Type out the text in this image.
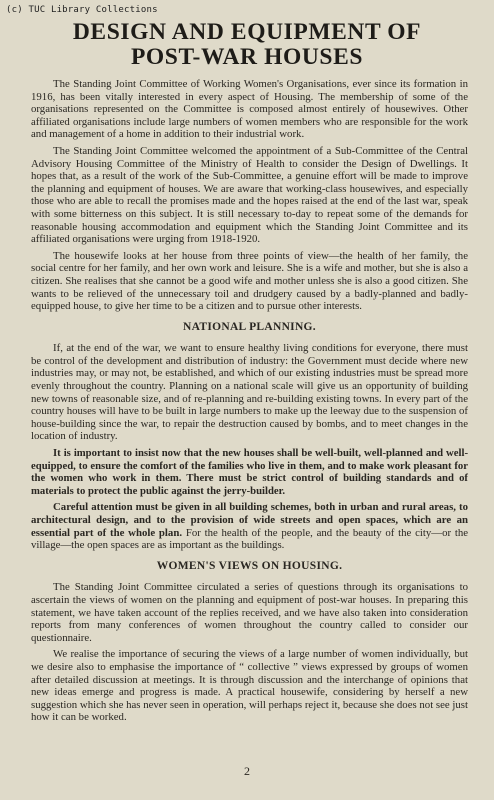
(c) TUC Library Collections
DESIGN AND EQUIPMENT OF
POST-WAR HOUSES

The Standing Joint Committee of Working Women's Organisations, ever since its formation in 1916, has been vitally interested in every aspect of Housing. The membership of some of the organisations represented on the Committee is composed almost entirely of housewives. Other affiliated organisations include large numbers of women members who are responsible for the work and management of a home in addition to their industrial work.

The Standing Joint Committee welcomed the appointment of a Sub-Committee of the Central Advisory Housing Committee of the Ministry of Health to consider the Design of Dwellings. It hopes that, as a result of the work of the Sub-Committee, a genuine effort will be made to improve the planning and equipment of houses. We are aware that working-class housewives, and especially those who are able to recall the promises made and the hopes raised at the end of the last war, speak with some bitterness on this subject. It is still necessary to-day to repeat some of the demands for reasonable housing accommodation and equipment which the Standing Joint Committee and its affiliated organisations were urging from 1918-1920.

The housewife looks at her house from three points of view—the health of her family, the social centre for her family, and her own work and leisure. She is a wife and mother, but she is also a citizen. She realises that she cannot be a good wife and mother unless she is also a good citizen. She wants to be relieved of the unnecessary toil and drudgery caused by a badly-planned and badly-equipped house, to give her time to be a citizen and to pursue other interests.

NATIONAL PLANNING.

If, at the end of the war, we want to ensure healthy living conditions for everyone, there must be control of the development and distribution of industry: the Government must decide where new industries may, or may not, be established, and which of our existing industries must be spread more evenly throughout the country. Planning on a national scale will give us an opportunity of building new towns of reasonable size, and of re-planning and re-building existing towns. In every part of the country houses will have to be built in large numbers to make up the leeway due to the suspension of house-building since the war, to repair the destruction caused by bombs, and to meet changes in the location of industry.

It is important to insist now that the new houses shall be well-built, well-planned and well-equipped, to ensure the comfort of the families who live in them, and to make work pleasant for the women who work in them. There must be strict control of building standards and of materials to protect the public against the jerry-builder.

Careful attention must be given in all building schemes, both in urban and rural areas, to architectural design, and to the provision of wide streets and open spaces, which are an essential part of the whole plan. For the health of the people, and the beauty of the city—or the village—the open spaces are as important as the buildings.

WOMEN'S VIEWS ON HOUSING.

The Standing Joint Committee circulated a series of questions through its organisations to ascertain the views of women on the planning and equipment of post-war houses. In preparing this statement, we have taken account of the replies received, and we have also taken into consideration reports from many conferences of women throughout the country called to consider our questionnaire.

We realise the importance of securing the views of a large number of women individually, but we desire also to emphasise the importance of “ collective ” views expressed by groups of women after detailed discussion at meetings. It is through discussion and the interchange of opinions that new ideas emerge and progress is made. A practical housewife, considering by herself a new suggestion which she has never seen in operation, will perhaps reject it, because she does not see just how it can be worked.

2
